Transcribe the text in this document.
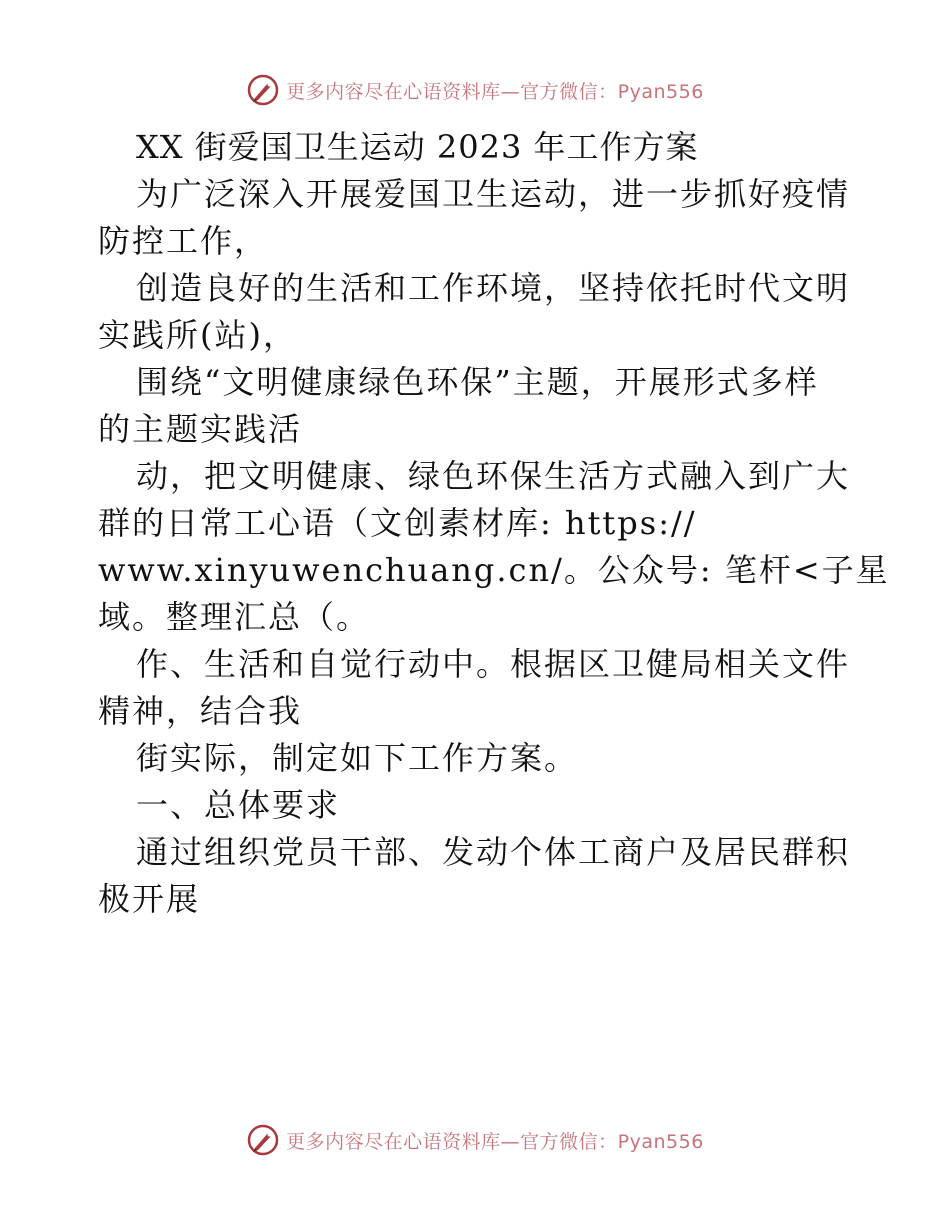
更多内容尽在心语资料库—官方微信：Pyan556
XX 街爱国卫生运动 2023 年工作方案
为广泛深入开展爱国卫生运动，进一步抓好疫情
防控工作，
创造良好的生活和工作环境，坚持依托时代文明
实践所(站)，
围绕“文明健康绿色环保”主题，开展形式多样
的主题实践活
动，把文明健康、绿色环保生活方式融入到广大
群的日常工心语（文创素材库: https://
www.xinyuwenchuang.cn/。公众号: 笔杆<子星
域。整理汇总（。
作、生活和自觉行动中。根据区卫健局相关文件
精神，结合我
街实际，制定如下工作方案。
一、总体要求
通过组织党员干部、发动个体工商户及居民群积
极开展
更多内容尽在心语资料库—官方微信：Pyan556
